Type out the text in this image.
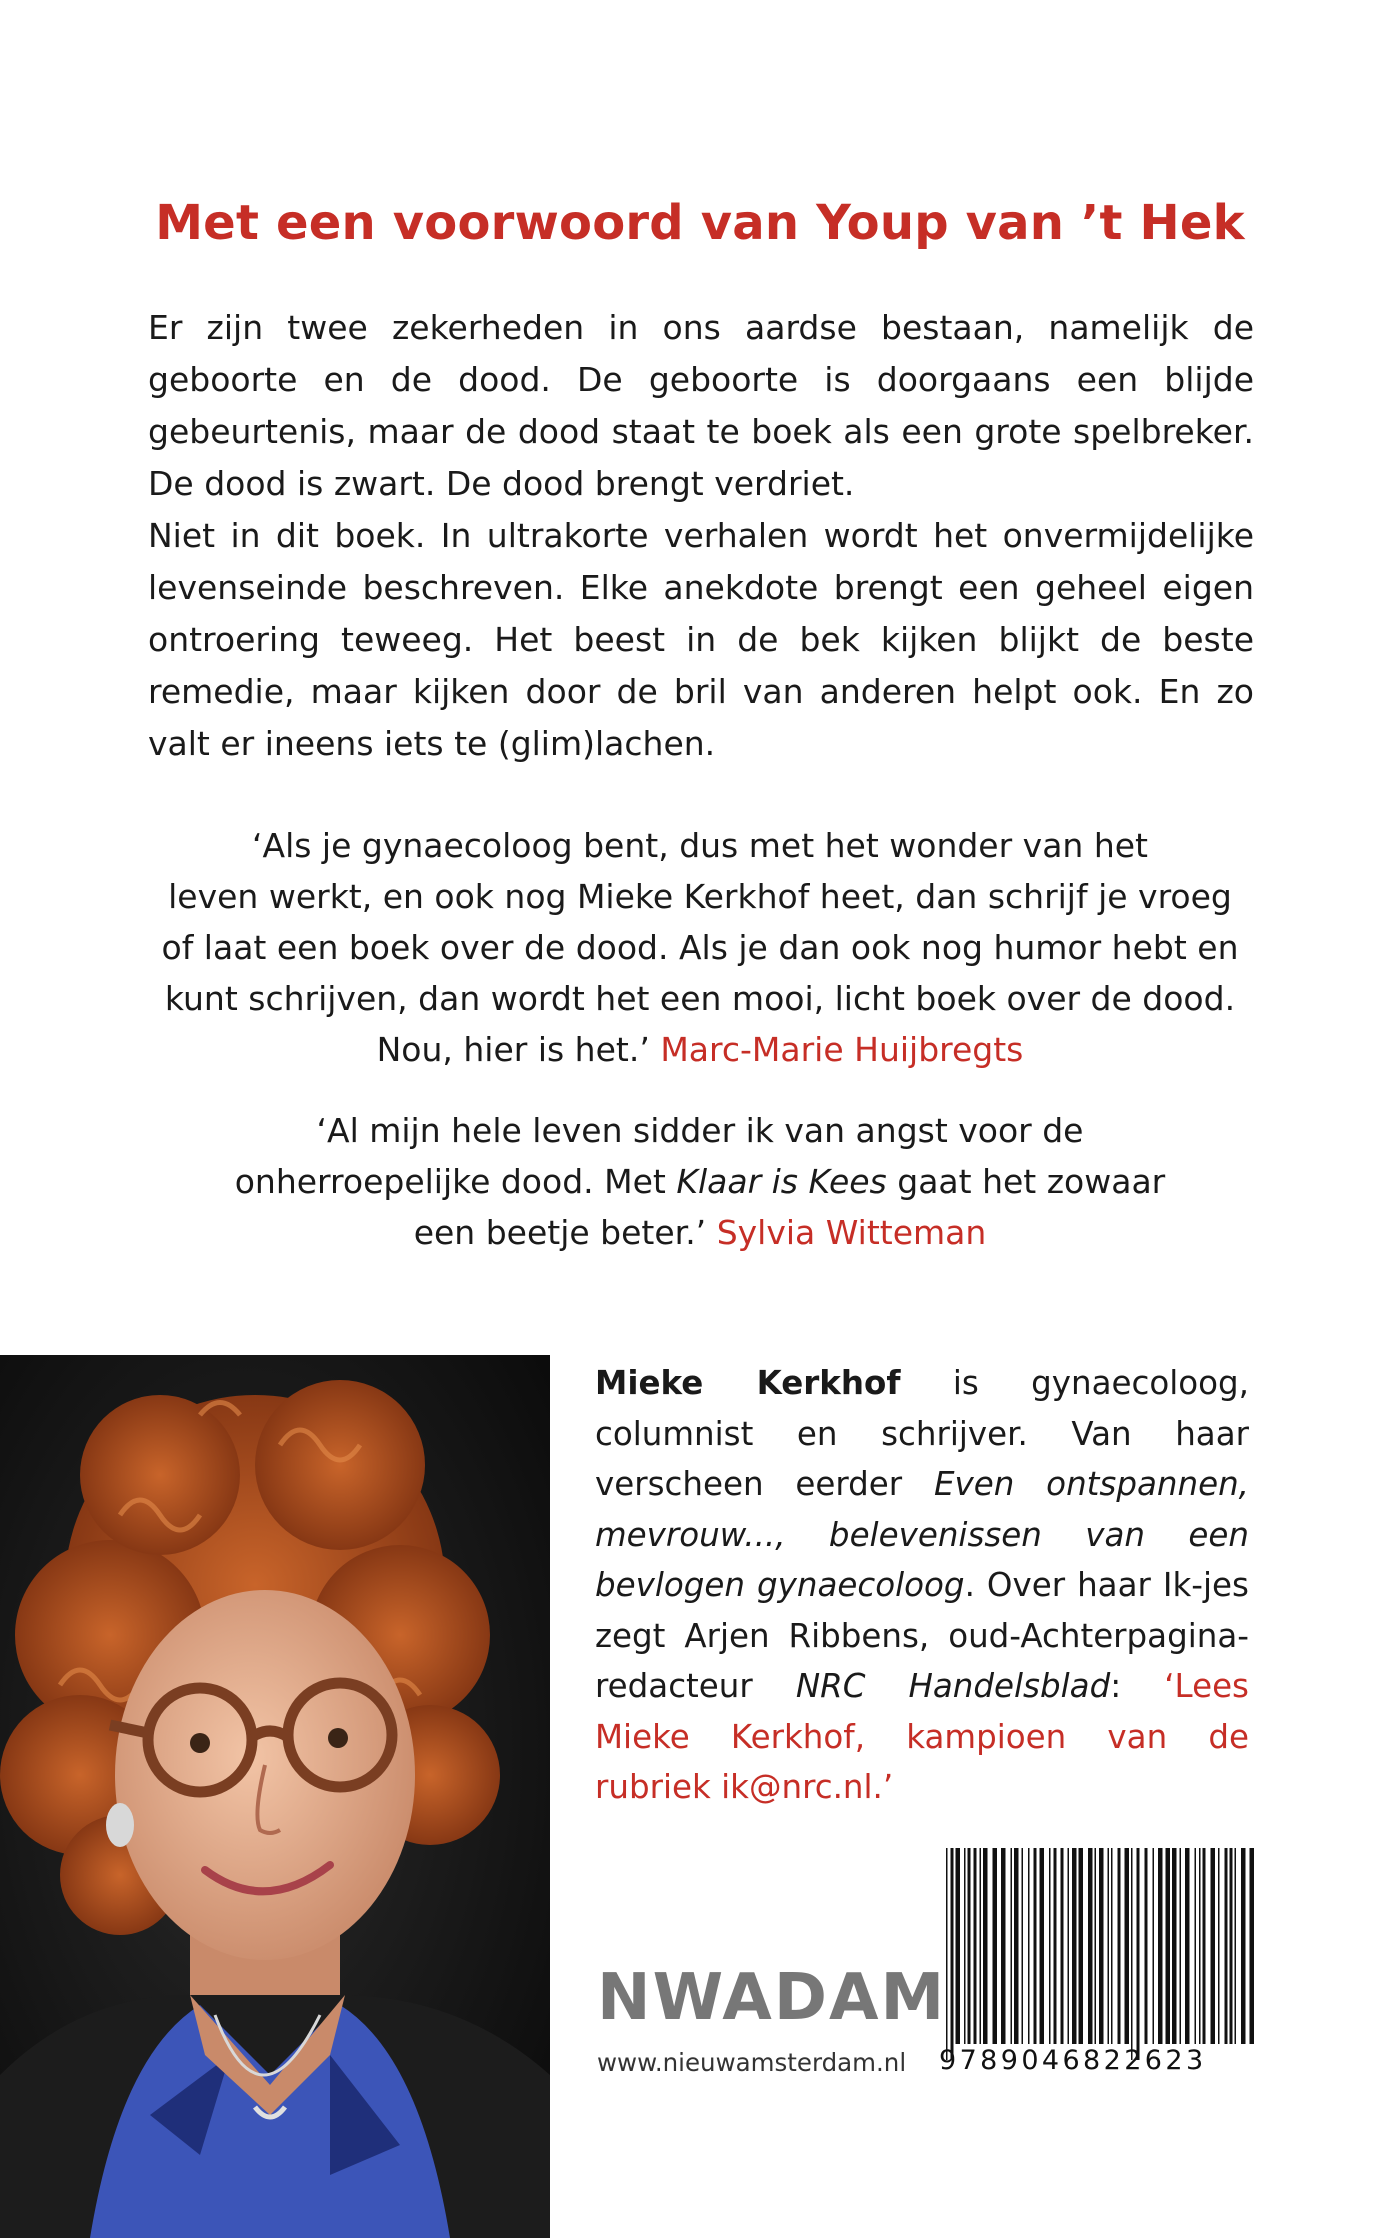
Met een voorwoord van Youp van ’t Hek

Er zijn twee zekerheden in ons aardse bestaan, namelijk de geboorte en de dood. De geboorte is doorgaans een blijde gebeurtenis, maar de dood staat te boek als een grote spelbreker. De dood is zwart. De dood brengt verdriet.

Niet in dit boek. In ultrakorte verhalen wordt het onvermijdelijke levenseinde beschreven. Elke anekdote brengt een geheel eigen ontroering teweeg. Het beest in de bek kijken blijkt de beste remedie, maar kijken door de bril van anderen helpt ook. En zo valt er ineens iets te (glim)lachen.

‘Als je gynaecoloog bent, dus met het wonder van het
leven werkt, en ook nog Mieke Kerkhof heet, dan schrijf je vroeg
of laat een boek over de dood. Als je dan ook nog humor hebt en
kunt schrijven, dan wordt het een mooi, licht boek over de dood.
Nou, hier is het.’ Marc-Marie Huijbregts
‘Al mijn hele leven sidder ik van angst voor de
onherroepelijke dood. Met Klaar is Kees gaat het zowaar
een beetje beter.’ Sylvia Witteman
Mieke Kerkhof is gynaecoloog, columnist en schrijver. Van haar verscheen eerder Even ontspannen, mevrouw..., belevenissen van een bevlogen gynaecoloog. Over haar Ik-jes zegt Arjen Ribbens, oud-Achterpagina-redacteur NRC Handelsblad: ‘Lees Mieke Kerkhof, kampioen van de rubriek ik@nrc.nl.’
NWADAM
www.nieuwamsterdam.nl 9789046822623
